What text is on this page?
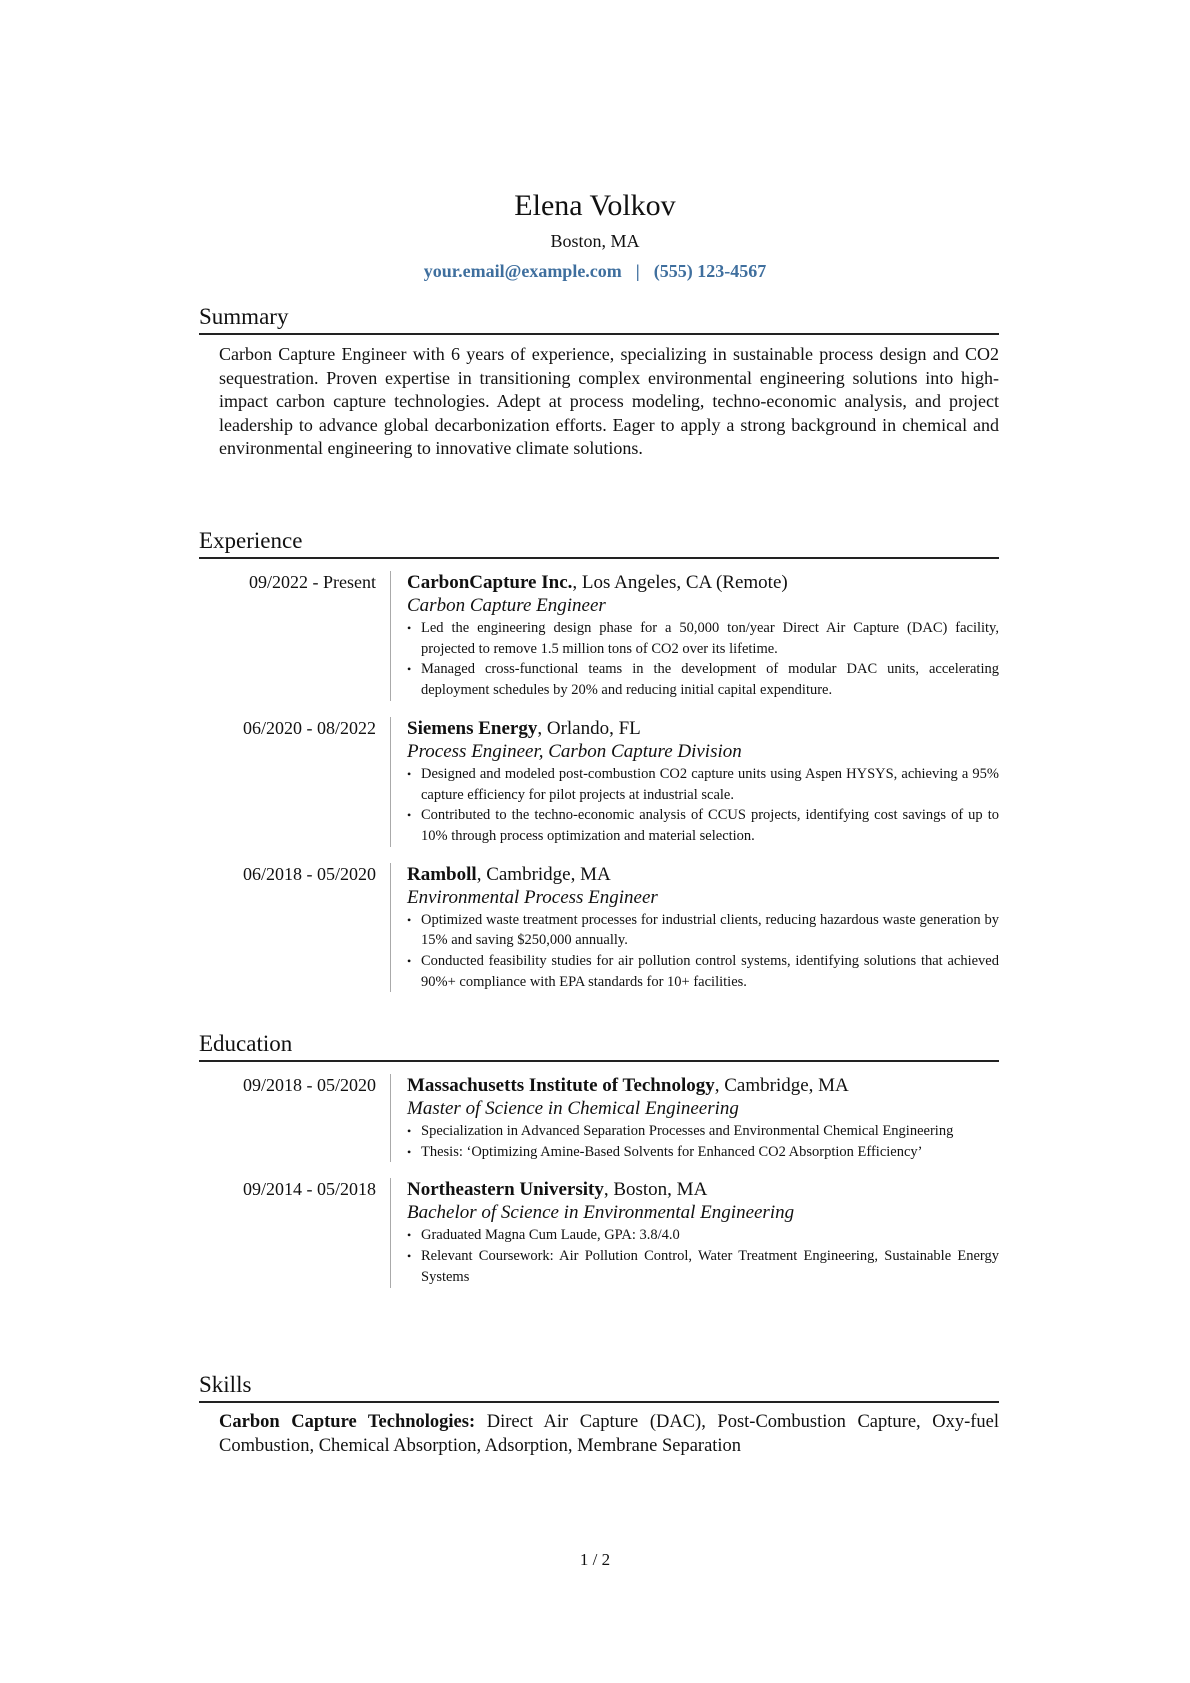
Elena Volkov
Boston, MA
your.email@example.com | (555) 123-4567
Summary
Carbon Capture Engineer with 6 years of experience, specializing in sustainable process design and CO2 sequestration. Proven expertise in transitioning complex environmental engineering solutions into high-impact carbon capture technologies. Adept at process modeling, techno-economic analysis, and project leadership to advance global decarbonization efforts. Eager to apply a strong background in chemical and environmental engineering to innovative climate solutions.
Experience
09/2022 - Present CarbonCapture Inc., Los Angeles, CA (Remote)
Carbon Capture Engineer
• Led the engineering design phase for a 50,000 ton/year Direct Air Capture (DAC) facility, projected to remove 1.5 million tons of CO2 over its lifetime.
• Managed cross-functional teams in the development of modular DAC units, accelerating deployment schedules by 20% and reducing initial capital expenditure.
06/2020 - 08/2022 Siemens Energy, Orlando, FL
Process Engineer, Carbon Capture Division
• Designed and modeled post-combustion CO2 capture units using Aspen HYSYS, achieving a 95% capture efficiency for pilot projects at industrial scale.
• Contributed to the techno-economic analysis of CCUS projects, identifying cost savings of up to 10% through process optimization and material selection.
06/2018 - 05/2020 Ramboll, Cambridge, MA
Environmental Process Engineer
• Optimized waste treatment processes for industrial clients, reducing hazardous waste generation by 15% and saving $250,000 annually.
• Conducted feasibility studies for air pollution control systems, identifying solutions that achieved 90%+ compliance with EPA standards for 10+ facilities.
Education
09/2018 - 05/2020 Massachusetts Institute of Technology, Cambridge, MA
Master of Science in Chemical Engineering
• Specialization in Advanced Separation Processes and Environmental Chemical Engineering
• Thesis: ‘Optimizing Amine-Based Solvents for Enhanced CO2 Absorption Efficiency’
09/2014 - 05/2018 Northeastern University, Boston, MA
Bachelor of Science in Environmental Engineering
• Graduated Magna Cum Laude, GPA: 3.8/4.0
• Relevant Coursework: Air Pollution Control, Water Treatment Engineering, Sustainable Energy Systems
Skills
Carbon Capture Technologies: Direct Air Capture (DAC), Post-Combustion Capture, Oxy-fuel Combustion, Chemical Absorption, Adsorption, Membrane Separation
1 / 2
